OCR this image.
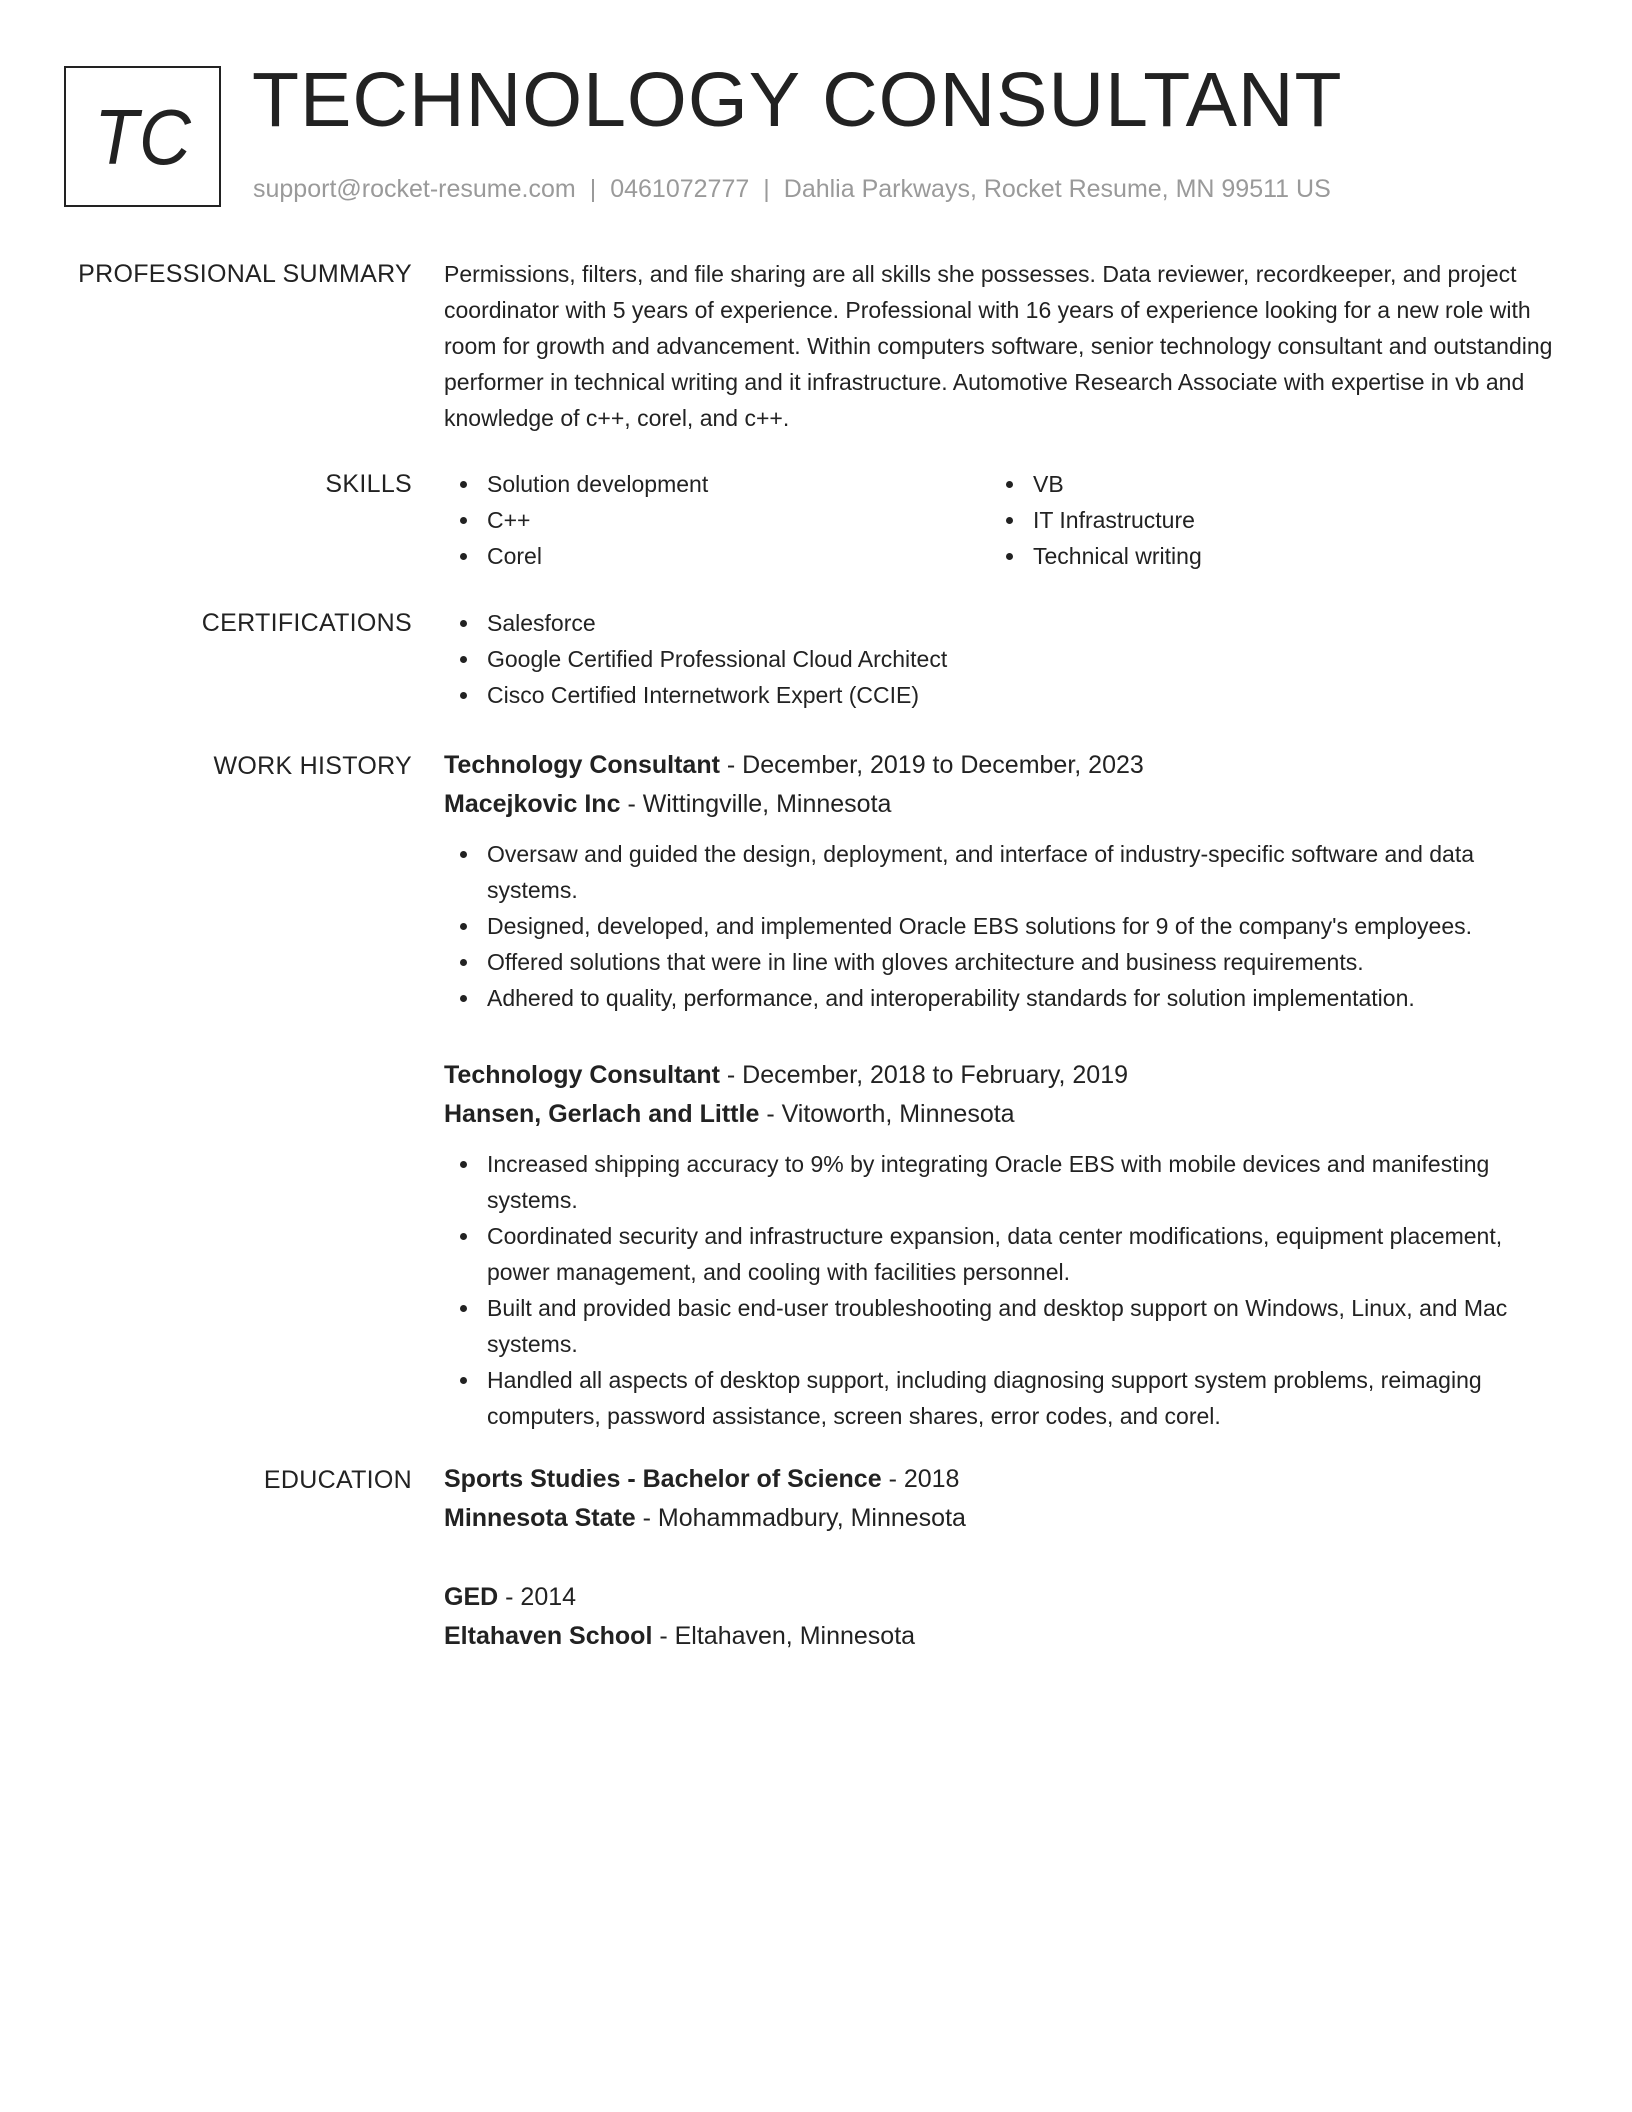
TC TECHNOLOGY CONSULTANT
support@rocket-resume.com | 0461072777 | Dahlia Parkways, Rocket Resume, MN 99511 US
PROFESSIONAL SUMMARY Permissions, filters, and file sharing are all skills she possesses. Data reviewer, recordkeeper, and project coordinator with 5 years of experience. Professional with 16 years of experience looking for a new role with room for growth and advancement. Within computers software, senior technology consultant and outstanding performer in technical writing and it infrastructure. Automotive Research Associate with expertise in vb and knowledge of c++, corel, and c++.

SKILLS	Solution development
C++
Corel
VB
IT Infrastructure
Technical writing
CERTIFICATIONS	Salesforce
Google Certified Professional Cloud Architect
Cisco Certified Internetwork Expert (CCIE)
WORK HISTORY Technology Consultant - December, 2019 to December, 2023
Macejkovic Inc - Wittingville, Minnesota
Oversaw and guided the design, deployment, and interface of industry-specific software and data systems.
Designed, developed, and implemented Oracle EBS solutions for 9 of the company's employees.
Offered solutions that were in line with gloves architecture and business requirements.
Adhered to quality, performance, and interoperability standards for solution implementation.
Technology Consultant - December, 2018 to February, 2019
Hansen, Gerlach and Little - Vitoworth, Minnesota
Increased shipping accuracy to 9% by integrating Oracle EBS with mobile devices and manifesting systems.
Coordinated security and infrastructure expansion, data center modifications, equipment placement, power management, and cooling with facilities personnel.
Built and provided basic end-user troubleshooting and desktop support on Windows, Linux, and Mac systems.
Handled all aspects of desktop support, including diagnosing support system problems, reimaging computers, password assistance, screen shares, error codes, and corel.
EDUCATION Sports Studies - Bachelor of Science - 2018
Minnesota State - Mohammadbury, Minnesota
GED - 2014
Eltahaven School - Eltahaven, Minnesota
